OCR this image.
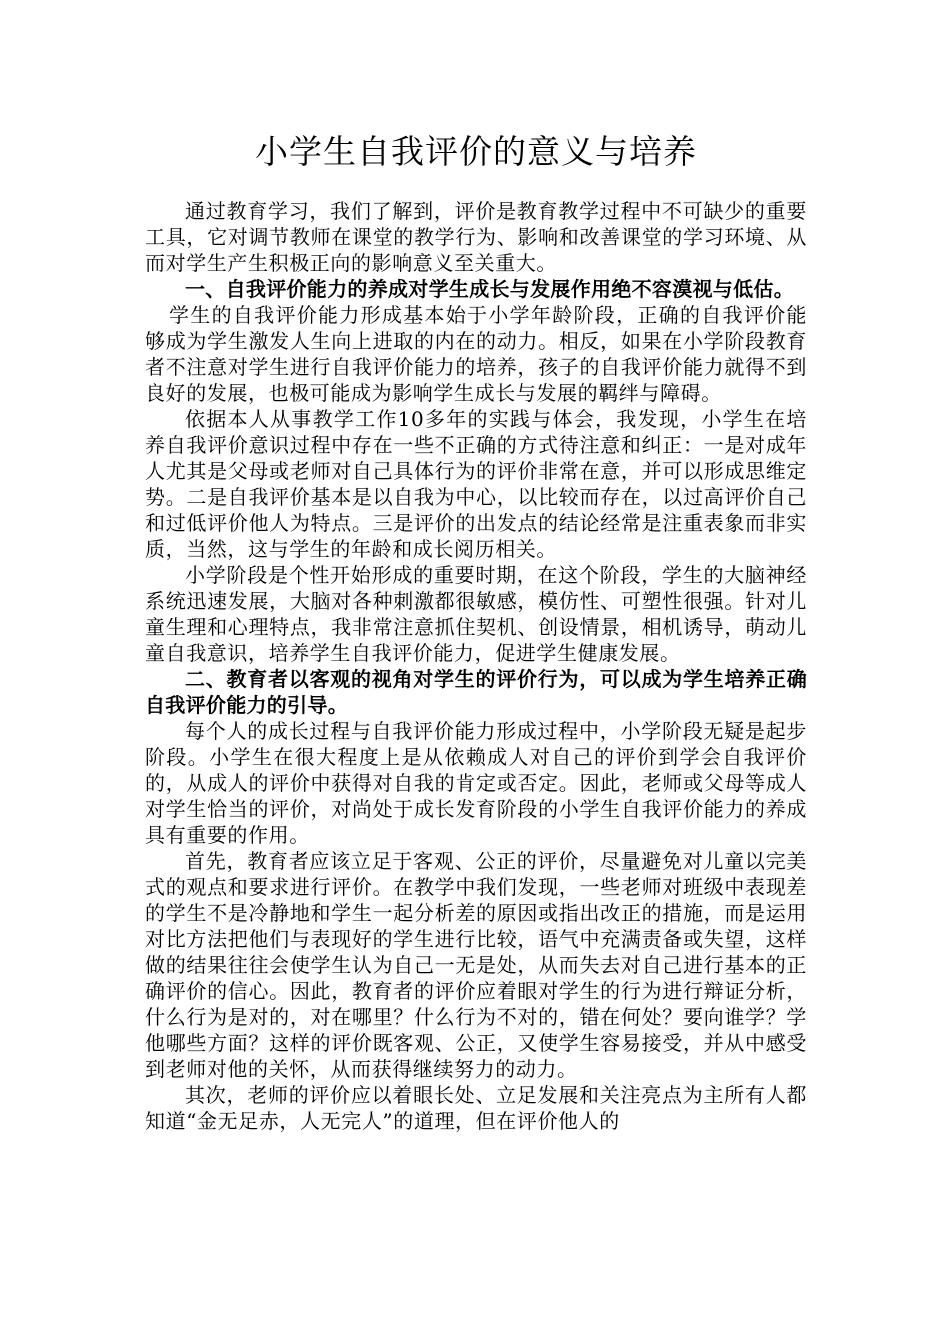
小学生自我评价的意义与培养

通过教育学习，我们了解到，评价是教育教学过程中不可缺少的重要工具，它对调节教师在课堂的教学行为、影响和改善课堂的学习环境、从而对学生产生积极正向的影响意义至关重大。

一、自我评价能力的养成对学生成长与发展作用绝不容漠视与低估。

学生的自我评价能力形成基本始于小学年龄阶段，正确的自我评价能够成为学生激发人生向上进取的内在的动力。相反，如果在小学阶段教育者不注意对学生进行自我评价能力的培养，孩子的自我评价能力就得不到良好的发展，也极可能成为影响学生成长与发展的羁绊与障碍。

依据本人从事教学工作10多年的实践与体会，我发现，小学生在培养自我评价意识过程中存在一些不正确的方式待注意和纠正：一是对成年人尤其是父母或老师对自己具体行为的评价非常在意，并可以形成思维定势。二是自我评价基本是以自我为中心，以比较而存在，以过高评价自己和过低评价他人为特点。三是评价的出发点的结论经常是注重表象而非实质，当然，这与学生的年龄和成长阅历相关。

小学阶段是个性开始形成的重要时期，在这个阶段，学生的大脑神经系统迅速发展，大脑对各种刺激都很敏感，模仿性、可塑性很强。针对儿童生理和心理特点，我非常注意抓住契机、创设情景，相机诱导，萌动儿童自我意识，培养学生自我评价能力，促进学生健康发展。

二、教育者以客观的视角对学生的评价行为，可以成为学生培养正确自我评价能力的引导。

每个人的成长过程与自我评价能力形成过程中，小学阶段无疑是起步阶段。小学生在很大程度上是从依赖成人对自己的评价到学会自我评价的，从成人的评价中获得对自我的肯定或否定。因此，老师或父母等成人对学生恰当的评价，对尚处于成长发育阶段的小学生自我评价能力的养成具有重要的作用。

首先，教育者应该立足于客观、公正的评价，尽量避免对儿童以完美式的观点和要求进行评价。在教学中我们发现，一些老师对班级中表现差的学生不是冷静地和学生一起分析差的原因或指出改正的措施，而是运用对比方法把他们与表现好的学生进行比较，语气中充满责备或失望，这样做的结果往往会使学生认为自己一无是处，从而失去对自己进行基本的正确评价的信心。因此，教育者的评价应着眼对学生的行为进行辩证分析，什么行为是对的，对在哪里？什么行为不对的，错在何处？要向谁学？学他哪些方面？这样的评价既客观、公正，又使学生容易接受，并从中感受到老师对他的关怀，从而获得继续努力的动力。

其次，老师的评价应以着眼长处、立足发展和关注亮点为主所有人都知道“金无足赤，人无完人”的道理，但在评价他人的
